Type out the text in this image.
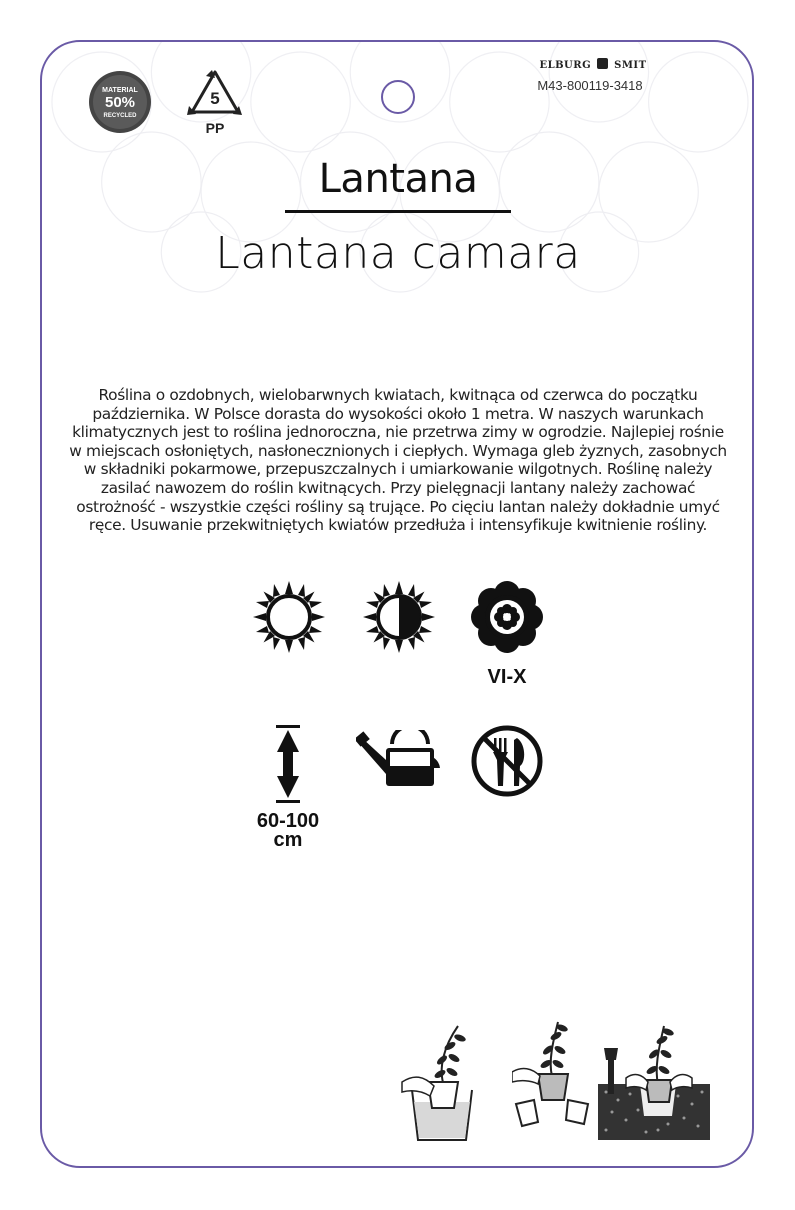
MATERIAL
50%
RECYCLED
5
PP
ELBURG SMIT
M43-800119-3418
Lantana
Lantana camara
Roślina o ozdobnych, wielobarwnych kwiatach, kwitnąca od czerwca do początku października. W Polsce dorasta do wysokości około 1 metra. W naszych warunkach klimatycznych jest to roślina jednoroczna, nie przetrwa zimy w ogrodzie. Najlepiej rośnie w miejscach osłoniętych, nasłonecznionych i ciepłych. Wymaga gleb żyznych, zasobnych w składniki pokarmowe, przepuszczalnych i umiarkowanie wilgotnych. Roślinę należy zasilać nawozem do roślin kwitnących. Przy pielęgnacji lantany należy zachować ostrożność - wszystkie części rośliny są trujące. Po cięciu lantan należy dokładnie umyć ręce. Usuwanie przekwitniętych kwiatów przedłuża i intensyfikuje kwitnienie rośliny.
VI-X
60-100
cm
